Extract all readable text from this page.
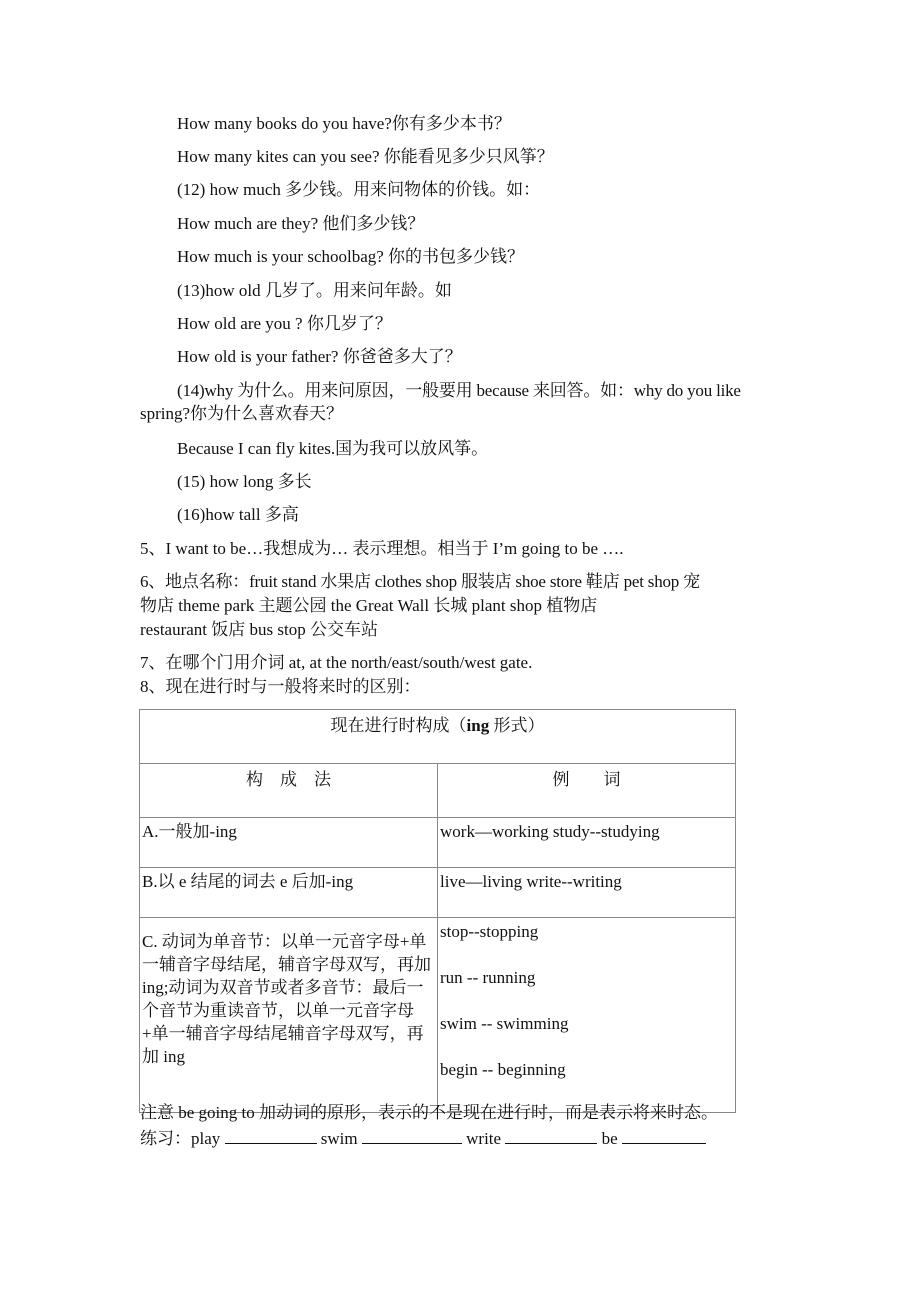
How many books do you have?你有多少本书？
How many kites can you see? 你能看见多少只风筝？
(12) how much 多少钱。用来问物体的价钱。如：
How much are they? 他们多少钱？
How much is your schoolbag? 你的书包多少钱？
(13)how old 几岁了。用来问年龄。如
How old are you ? 你几岁了？
How old is your father? 你爸爸多大了？
(14)why 为什么。用来问原因，一般要用 because 来回答。如：why do you like
spring?你为什么喜欢春天？
Because I can fly kites.国为我可以放风筝。
(15) how long 多长
(16)how tall 多高
5、I want to be…我想成为… 表示理想。相当于 I’m going to be ….
6、地点名称：fruit stand 水果店 clothes shop 服装店 shoe store 鞋店 pet shop 宠
物店 theme park 主题公园 the Great Wall 长城 plant shop 植物店
restaurant 饭店 bus stop 公交车站
7、在哪个门用介词 at, at the north/east/south/west gate.
8、现在进行时与一般将来时的区别：
现在进行时构成（ing 形式）	
构　成　法	例　　词
A.一般加-ing	work—working study--studying
B.以 e 结尾的词去 e 后加-ing	live—living write--writing
C. 动词为单音节：以单一元音字母+单一辅音字母结尾，辅音字母双写，再加 ing;动词为双音节或者多音节：最后一个音节为重读音节，以单一元音字母+单一辅音字母结尾辅音字母双写，再加 ing	stop--stopping
run -- running
swim -- swimming
begin -- beginning
注意 be going to 加动词的原形，表示的不是现在进行时，而是表示将来时态。
练习：play	swim	write	be
